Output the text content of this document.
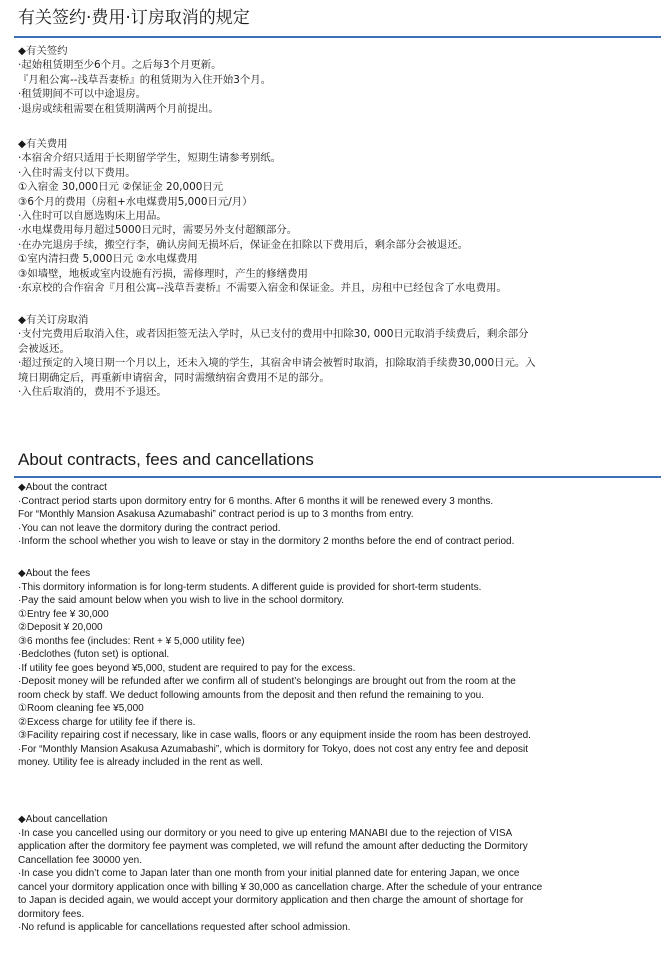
有关签约·费用·订房取消的规定
◆有关签约
·起始租赁期至少6个月。之后每3个月更新。
『月租公寓--浅草吾妻桥』的租赁期为入住开始3个月。
·租赁期间不可以中途退房。
·退房或续租需要在租赁期满两个月前提出。
◆有关费用
·本宿舍介绍只适用于长期留学学生，短期生请参考别纸。
·入住时需支付以下费用。
①入宿金 30,000日元 ②保证金 20,000日元
③6个月的费用（房租+水电煤费用5,000日元/月）
·入住时可以自愿选购床上用品。
·水电煤费用每月超过5000日元时，需要另外支付超额部分。
·在办完退房手续，搬空行李，确认房间无损坏后，保证金在扣除以下费用后，剩余部分会被退还。
①室内清扫费 5,000日元 ②水电煤费用
③如墙壁，地板或室内设施有污损，需修理时，产生的修缮费用
·东京校的合作宿舍『月租公寓--浅草吾妻桥』不需要入宿金和保证金。并且，房租中已经包含了水电费用。
◆有关订房取消
·支付完费用后取消入住，或者因拒签无法入学时，从已支付的费用中扣除30, 000日元取消手续费后，剩余部分
会被返还。
·超过预定的入境日期一个月以上，还未入境的学生，其宿舍申请会被暂时取消，扣除取消手续费30,000日元。入
境日期确定后，再重新申请宿舍，同时需缴纳宿舍费用不足的部分。
·入住后取消的，费用不予退还。
About contracts, fees and cancellations
◆About the contract
·Contract period starts upon dormitory entry for 6 months. After 6 months it will be renewed every 3 months.
For “Monthly Mansion Asakusa Azumabashi” contract period is up to 3 months from entry.
·You can not leave the dormitory during the contract period.
·Inform the school whether you wish to leave or stay in the dormitory 2 months before the end of contract period.
◆About the fees
·This dormitory information is for long-term students. A different guide is provided for short-term students.
·Pay the said amount below when you wish to live in the school dormitory.
①Entry fee ¥ 30,000
②Deposit ¥ 20,000
③6 months fee (includes: Rent + ¥ 5,000 utility fee)
·Bedclothes (futon set) is optional.
·If utility fee goes beyond ¥5,000, student are required to pay for the excess.
·Deposit money will be refunded after we confirm all of student’s belongings are brought out from the room at the
room check by staff. We deduct following amounts from the deposit and then refund the remaining to you.
①Room cleaning fee ¥5,000
②Excess charge for utility fee if there is.
③Facility repairing cost if necessary, like in case walls, floors or any equipment inside the room has been destroyed.
·For “Monthly Mansion Asakusa Azumabashi”, which is dormitory for Tokyo, does not cost any entry fee and deposit
money. Utility fee is already included in the rent as well.
◆About cancellation
·In case you cancelled using our dormitory or you need to give up entering MANABI due to the rejection of VISA
application after the dormitory fee payment was completed, we will refund the amount after deducting the Dormitory
Cancellation fee 30000 yen.
·In case you didn’t come to Japan later than one month from your initial planned date for entering Japan, we once
cancel your dormitory application once with billing ¥ 30,000 as cancellation charge. After the schedule of your entrance
to Japan is decided again, we would accept your dormitory application and then charge the amount of shortage for
dormitory fees.
·No refund is applicable for cancellations requested after school admission.
